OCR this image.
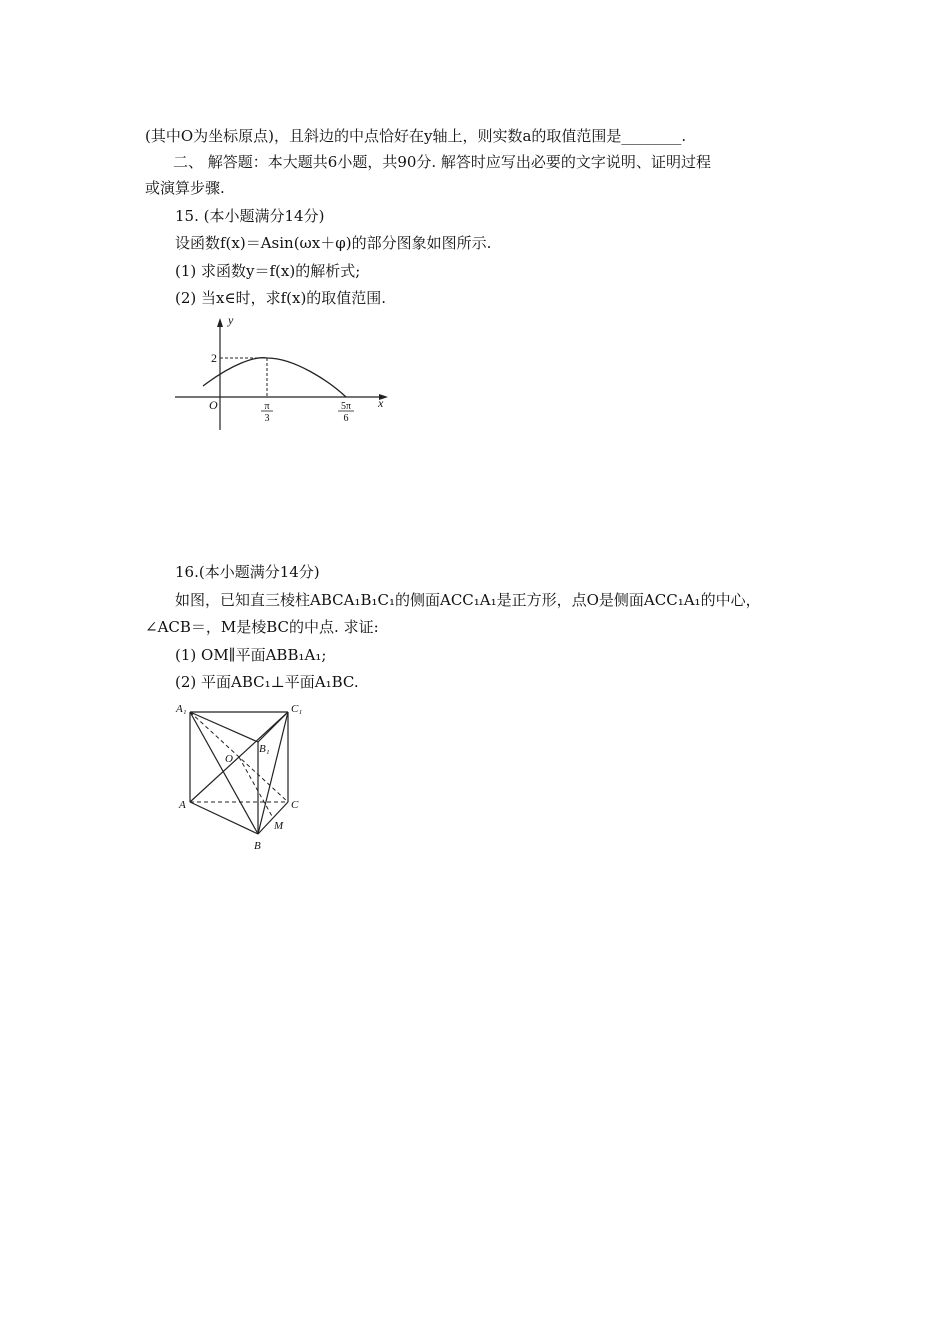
(其中O为坐标原点)，且斜边的中点恰好在y轴上，则实数a的取值范围是________.
二、 解答题：本大题共6小题，共90分. 解答时应写出必要的文字说明、证明过程
或演算步骤.
15. (本小题满分14分)
设函数f(x)＝Asin(ωx＋φ)的部分图象如图所示.
(1) 求函数y＝f(x)的解析式;
(2) 当x∈时，求f(x)的取值范围.
y
x
O
2
π
3
5π
6
16.(本小题满分14分)
如图，已知直三棱柱ABCA₁B₁C₁的侧面ACC₁A₁是正方形，点O是侧面ACC₁A₁的中心，
∠ACB＝，M是棱BC的中点. 求证:
(1) OM∥平面ABB₁A₁;
(2) 平面ABC₁⊥平面A₁BC.
A₁	C₁
B₁
O
A	C
M
B
